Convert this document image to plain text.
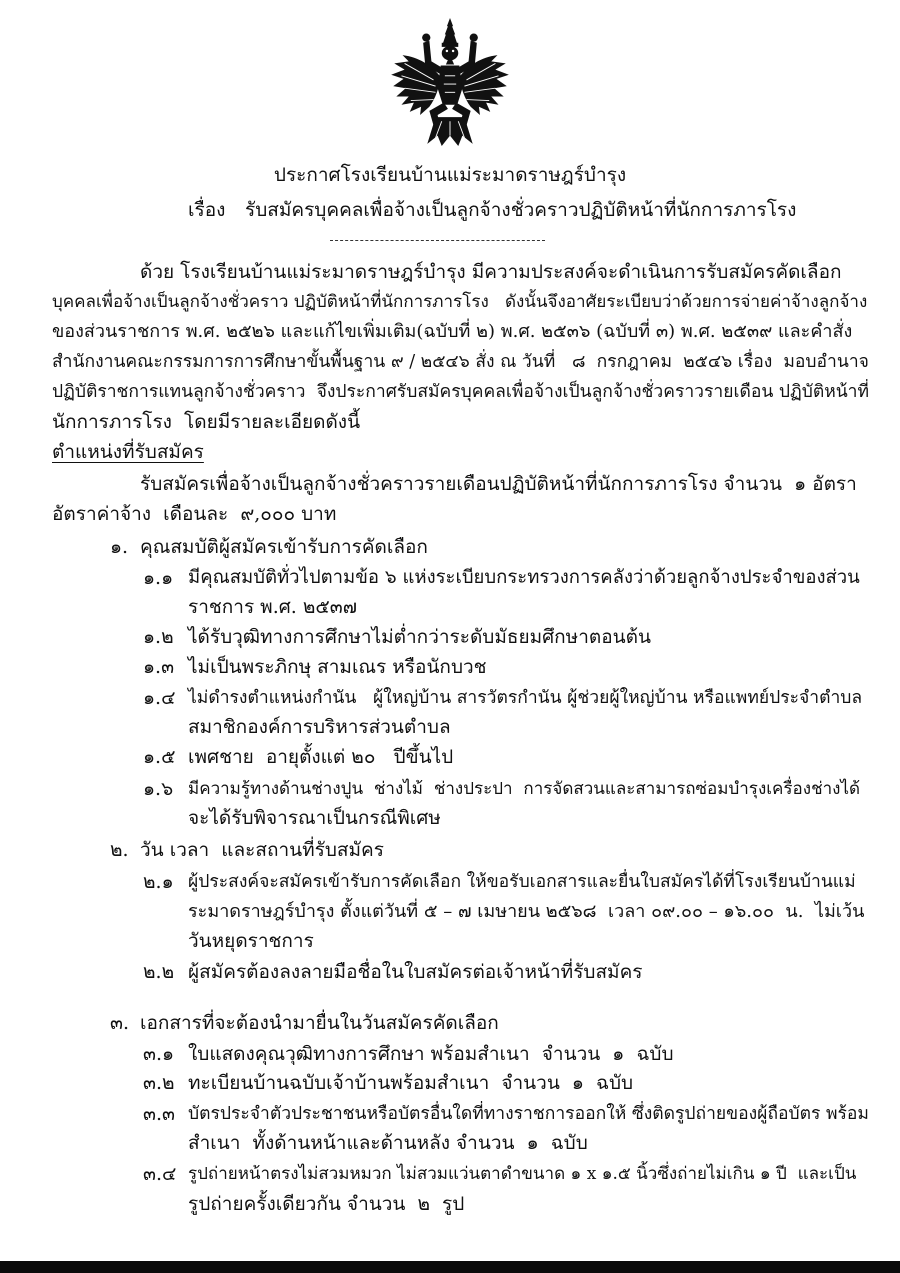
ประกาศโรงเรียนบ้านแม่ระมาดราษฎร์บำรุง
เรื่อง รับสมัครบุคคลเพื่อจ้างเป็นลูกจ้างชั่วคราวปฏิบัติหน้าที่นักการภารโรง
ด้วย โรงเรียนบ้านแม่ระมาดราษฎร์บำรุง มีความประสงค์จะดำเนินการรับสมัครคัดเลือก
บุคคลเพื่อจ้างเป็นลูกจ้างชั่วคราว ปฏิบัติหน้าที่นักการภารโรง   ดังนั้นจึงอาศัยระเบียบว่าด้วยการจ่ายค่าจ้างลูกจ้าง
ของส่วนราชการ พ.ศ. ๒๕๒๖ และแก้ไขเพิ่มเติม(ฉบับที่ ๒) พ.ศ. ๒๕๓๖ (ฉบับที่ ๓) พ.ศ. ๒๕๓๙ และคำสั่ง
สำนักงานคณะกรรมการการศึกษาขั้นพื้นฐาน ๙ / ๒๕๔๖ สั่ง ณ วันที่   ๘  กรกฎาคม  ๒๕๔๖ เรื่อง  มอบอำนาจ
ปฏิบัติราชการแทนลูกจ้างชั่วคราว  จึงประกาศรับสมัครบุคคลเพื่อจ้างเป็นลูกจ้างชั่วคราวรายเดือน ปฏิบัติหน้าที่
นักการภารโรง  โดยมีรายละเอียดดังนี้
ตำแหน่งที่รับสมัคร
รับสมัครเพื่อจ้างเป็นลูกจ้างชั่วคราวรายเดือนปฏิบัติหน้าที่นักการภารโรง จำนวน  ๑ อัตรา
อัตราค่าจ้าง  เดือนละ  ๙,๐๐๐ บาท
๑. คุณสมบัติผู้สมัครเข้ารับการคัดเลือก
๑.๑ มีคุณสมบัติทั่วไปตามข้อ ๖ แห่งระเบียบกระทรวงการคลังว่าด้วยลูกจ้างประจำของส่วน
ราชการ พ.ศ. ๒๕๓๗
๑.๒ ได้รับวุฒิทางการศึกษาไม่ต่ำกว่าระดับมัธยมศึกษาตอนต้น
๑.๓ ไม่เป็นพระภิกษุ สามเณร หรือนักบวช
๑.๔ ไม่ดำรงตำแหน่งกำนัน   ผู้ใหญ่บ้าน สารวัตรกำนัน ผู้ช่วยผู้ใหญ่บ้าน หรือแพทย์ประจำตำบล
สมาชิกองค์การบริหารส่วนตำบล
๑.๕ เพศชาย  อายุตั้งแต่ ๒๐   ปีขึ้นไป
๑.๖ มีความรู้ทางด้านช่างปูน  ช่างไม้  ช่างประปา  การจัดสวนและสามารถซ่อมบำรุงเครื่องช่างได้
จะได้รับพิจารณาเป็นกรณีพิเศษ
๒. วัน เวลา  และสถานที่รับสมัคร
๒.๑ ผู้ประสงค์จะสมัครเข้ารับการคัดเลือก ให้ขอรับเอกสารและยื่นใบสมัครได้ที่โรงเรียนบ้านแม่
ระมาดราษฎร์บำรุง ตั้งแต่วันที่ ๕ – ๗ เมษายน ๒๕๖๘  เวลา ๐๙.๐๐ – ๑๖.๐๐  น.  ไม่เว้น
วันหยุดราชการ
๒.๒ ผู้สมัครต้องลงลายมือชื่อในใบสมัครต่อเจ้าหน้าที่รับสมัคร
๓. เอกสารที่จะต้องนำมายื่นในวันสมัครคัดเลือก
๓.๑ ใบแสดงคุณวุฒิทางการศึกษา พร้อมสำเนา  จำนวน  ๑  ฉบับ
๓.๒ ทะเบียนบ้านฉบับเจ้าบ้านพร้อมสำเนา  จำนวน  ๑  ฉบับ
๓.๓ บัตรประจำตัวประชาชนหรือบัตรอื่นใดที่ทางราชการออกให้ ซึ่งติดรูปถ่ายของผู้ถือบัตร พร้อม
สำเนา  ทั้งด้านหน้าและด้านหลัง จำนวน  ๑  ฉบับ
๓.๔ รูปถ่ายหน้าตรงไม่สวมหมวก ไม่สวมแว่นตาดำขนาด ๑ x ๑.๕ นิ้วซึ่งถ่ายไม่เกิน ๑ ปี  และเป็น
รูปถ่ายครั้งเดียวกัน จำนวน  ๒  รูป
